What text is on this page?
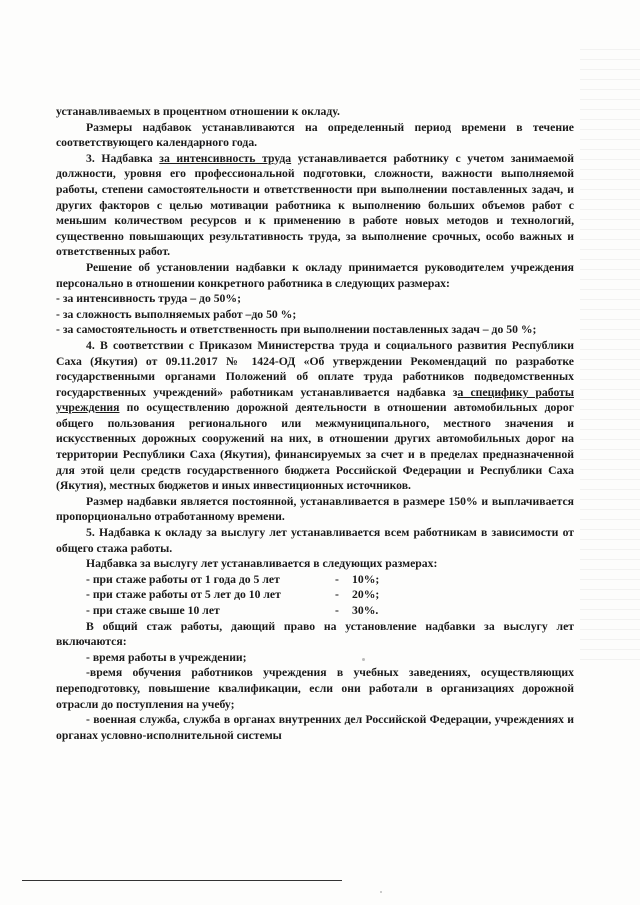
устанавливаемых в процентном отношении к окладу.

Размеры надбавок устанавливаются на определенный период времени в течение соответствующего календарного года.

3. Надбавка за интенсивность труда устанавливается работнику с учетом занимаемой должности, уровня его профессиональной подготовки, сложности, важности выполняемой работы, степени самостоятельности и ответственности при выполнении поставленных задач, и других факторов с целью мотивации работника к выполнению больших объемов работ с меньшим количеством ресурсов и к применению в работе новых методов и технологий, существенно повышающих результативность труда, за выполнение срочных, особо важных и ответственных работ.

Решение об установлении надбавки к окладу принимается руководителем учреждения персонально в отношении конкретного работника в следующих размерах:

- за интенсивность труда – до 50%;

- за сложность выполняемых работ –до 50 %;

- за самостоятельность и ответственность при выполнении поставленных задач – до 50 %;

4. В соответствии с Приказом Министерства труда и социального развития Республики Саха (Якутия) от 09.11.2017 № 1424-ОД «Об утверждении Рекомендаций по разработке государственными органами Положений об оплате труда работников подведомственных государственных учреждений» работникам устанавливается надбавка за специфику работы учреждения по осуществлению дорожной деятельности в отношении автомобильных дорог общего пользования регионального или межмуниципального, местного значения и искусственных дорожных сооружений на них, в отношении других автомобильных дорог на территории Республики Саха (Якутия), финансируемых за счет и в пределах предназначенной для этой цели средств государственного бюджета Российской Федерации и Республики Саха (Якутия), местных бюджетов и иных инвестиционных источников.

Размер надбавки является постоянной, устанавливается в размере 150% и выплачивается пропорционально отработанному времени.

5. Надбавка к окладу за выслугу лет устанавливается всем работникам в зависимости от общего стажа работы.

Надбавка за выслугу лет устанавливается в следующих размерах:

- при стаже работы от 1 года до 5 лет	-	10%;
- при стаже работы от 5 лет до 10 лет	-	20%;
- при стаже свыше 10 лет	-	30%.

В общий стаж работы, дающий право на установление надбавки за выслугу лет включаются:

- время работы в учреждении;

-время обучения работников учреждения в учебных заведениях, осуществляющих переподготовку, повышение квалификации, если они работали в организациях дорожной отрасли до поступления на учебу;

- военная служба, служба в органах внутренних дел Российской Федерации, учреждениях и органах условно-исполнительной системы
